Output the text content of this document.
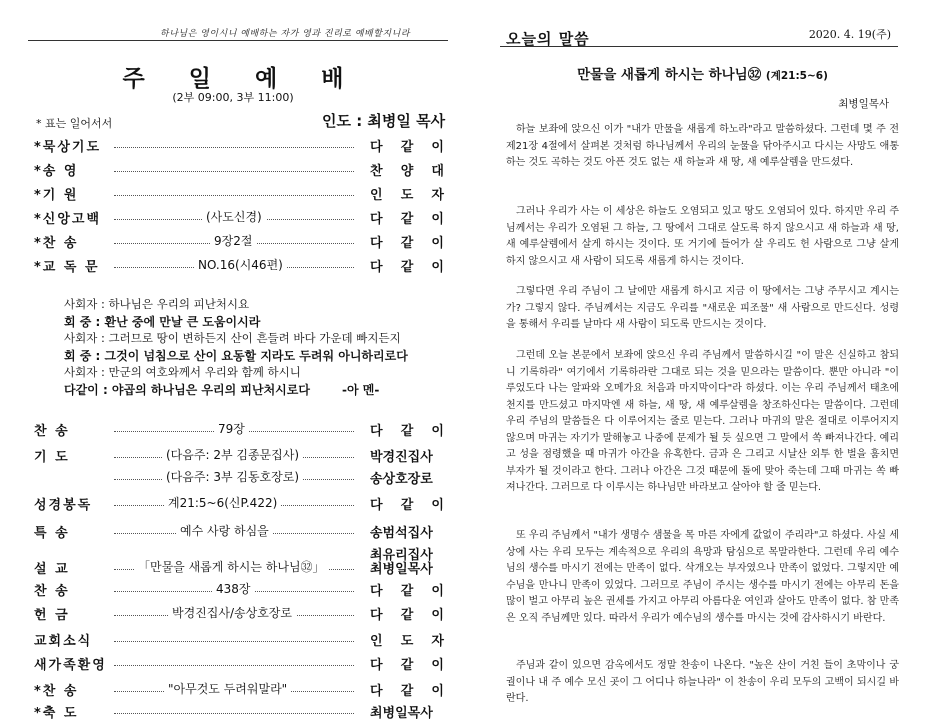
하나님은 영이시니 예배하는 자가 영과 진리로 예배할지니라
주 일 예 배
(2부 09:00, 3부 11:00)
* 표는 일어서서	인도 : 최병일 목사
*묵상기도	다 같 이
*송 영	찬 양 대
*기 원	인 도 자
*신앙고백	(사도신경)	다 같 이
*찬 송	9장2절	다 같 이
*교 독 문	NO.16(시46편)	다 같 이
사회자 : 하나님은 우리의 피난처시요
회 중 : 환난 중에 만날 큰 도움이시라
사회자 : 그러므로 땅이 변하든지 산이 흔들려 바다 가운데 빠지든지
회 중 : 그것이 넘침으로 산이 요동할 지라도 두려워 아니하리로다
사회자 : 만군의 여호와께서 우리와 함께 하시니
다같이 : 야곱의 하나님은 우리의 피난처시로다	-아 멘-
찬 송	79장	다 같 이
기 도	(다음주: 2부 김종문집사)	박경진집사
(다음주: 3부 김동호장로)	송상호장로
성경봉독	계21:5~6(신P.422)	다 같 이
특 송	예수 사랑 하심을	송범석집사
최유리집사
설 교	「만물을 새롭게 하시는 하나님㉜」	최병일목사
찬 송	438장	다 같 이
헌 금	박경진집사/송상호장로	다 같 이
교회소식	인 도 자
새가족환영	다 같 이
*찬 송	"아무것도 두려워말라"	다 같 이
*축 도	최병일목사
오늘의 말씀	2020. 4. 19(주)
만물을 새롭게 하시는 하나님㉜ (계21:5~6)
최병일목사
하늘 보좌에 앉으신 이가 "내가 만물을 새롭게 하노라"라고 말씀하셨다. 그런데 몇 주 전 제21장 4절에서 살펴본 것처럼 하나님께서 우리의 눈물을 닦아주시고 다시는 사망도 애통하는 것도 곡하는 것도 아픈 것도 없는 새 하늘과 새 땅, 새 예루살렘을 만드셨다.
그러나 우리가 사는 이 세상은 하늘도 오염되고 있고 땅도 오염되어 있다. 하지만 우리 주님께서는 우리가 오염된 그 하늘, 그 땅에서 그대로 살도록 하지 않으시고 새 하늘과 새 땅, 새 예루살렘에서 살게 하시는 것이다. 또 거기에 들어가 살 우리도 헌 사람으로 그냥 살게 하지 않으시고 새 사람이 되도록 새롭게 하시는 것이다.
그렇다면 우리 주님이 그 날에만 새롭게 하시고 지금 이 땅에서는 그냥 주무시고 계시는가? 그렇지 않다. 주님께서는 지금도 우리를 "새로운 피조물" 새 사람으로 만드신다. 성령을 통해서 우리를 날마다 새 사람이 되도록 만드시는 것이다.
그런데 오늘 본문에서 보좌에 앉으신 우리 주님께서 말씀하시길 "이 말은 신실하고 참되니 기록하라" 여기에서 기록하라란 그대로 되는 것을 믿으라는 말씀이다. 뿐만 아니라 "이루었도다 나는 알파와 오메가요 처음과 마지막이다"라 하셨다. 이는 우리 주님께서 태초에 천지를 만드셨고 마지막엔 새 하늘, 새 땅, 새 예루살렘을 창조하신다는 말씀이다. 그런데 우리 주님의 말씀들은 다 이루어지는 줄로 믿는다. 그러나 마귀의 말은 절대로 이루어지지 않으며 마귀는 자기가 말해놓고 나중에 문제가 될 듯 싶으면 그 말에서 쏙 빠져나간다. 예리고 성을 점령했을 때 마귀가 아간을 유혹한다. 금과 은 그리고 시날산 외투 한 벌을 훔치면 부자가 될 것이라고 한다. 그러나 아간은 그것 때문에 돌에 맞아 죽는데 그때 마귀는 쏙 빠져나간다. 그러므로 다 이루시는 하나님만 바라보고 살아야 할 줄 믿는다.
또 우리 주님께서 "내가 생명수 샘물을 목 마른 자에게 값없이 주리라"고 하셨다. 사실 세상에 사는 우리 모두는 계속적으로 우리의 욕망과 탐심으로 목말라한다. 그런데 우리 예수님의 생수를 마시기 전에는 만족이 없다. 삭개오는 부자였으나 만족이 없었다. 그렇지만 예수님을 만나니 만족이 있었다. 그러므로 주님이 주시는 생수를 마시기 전에는 아무리 돈을 많이 벌고 아무리 높은 권세를 가지고 아무리 아름다운 여인과 살아도 만족이 없다. 참 만족은 오직 주님께만 있다. 따라서 우리가 예수님의 생수를 마시는 것에 감사하시기 바란다.
주님과 같이 있으면 감옥에서도 정말 찬송이 나온다. "높은 산이 거친 들이 초막이나 궁궐이나 내 주 예수 모신 곳이 그 어디나 하늘나라" 이 찬송이 우리 모두의 고백이 되시길 바란다.
